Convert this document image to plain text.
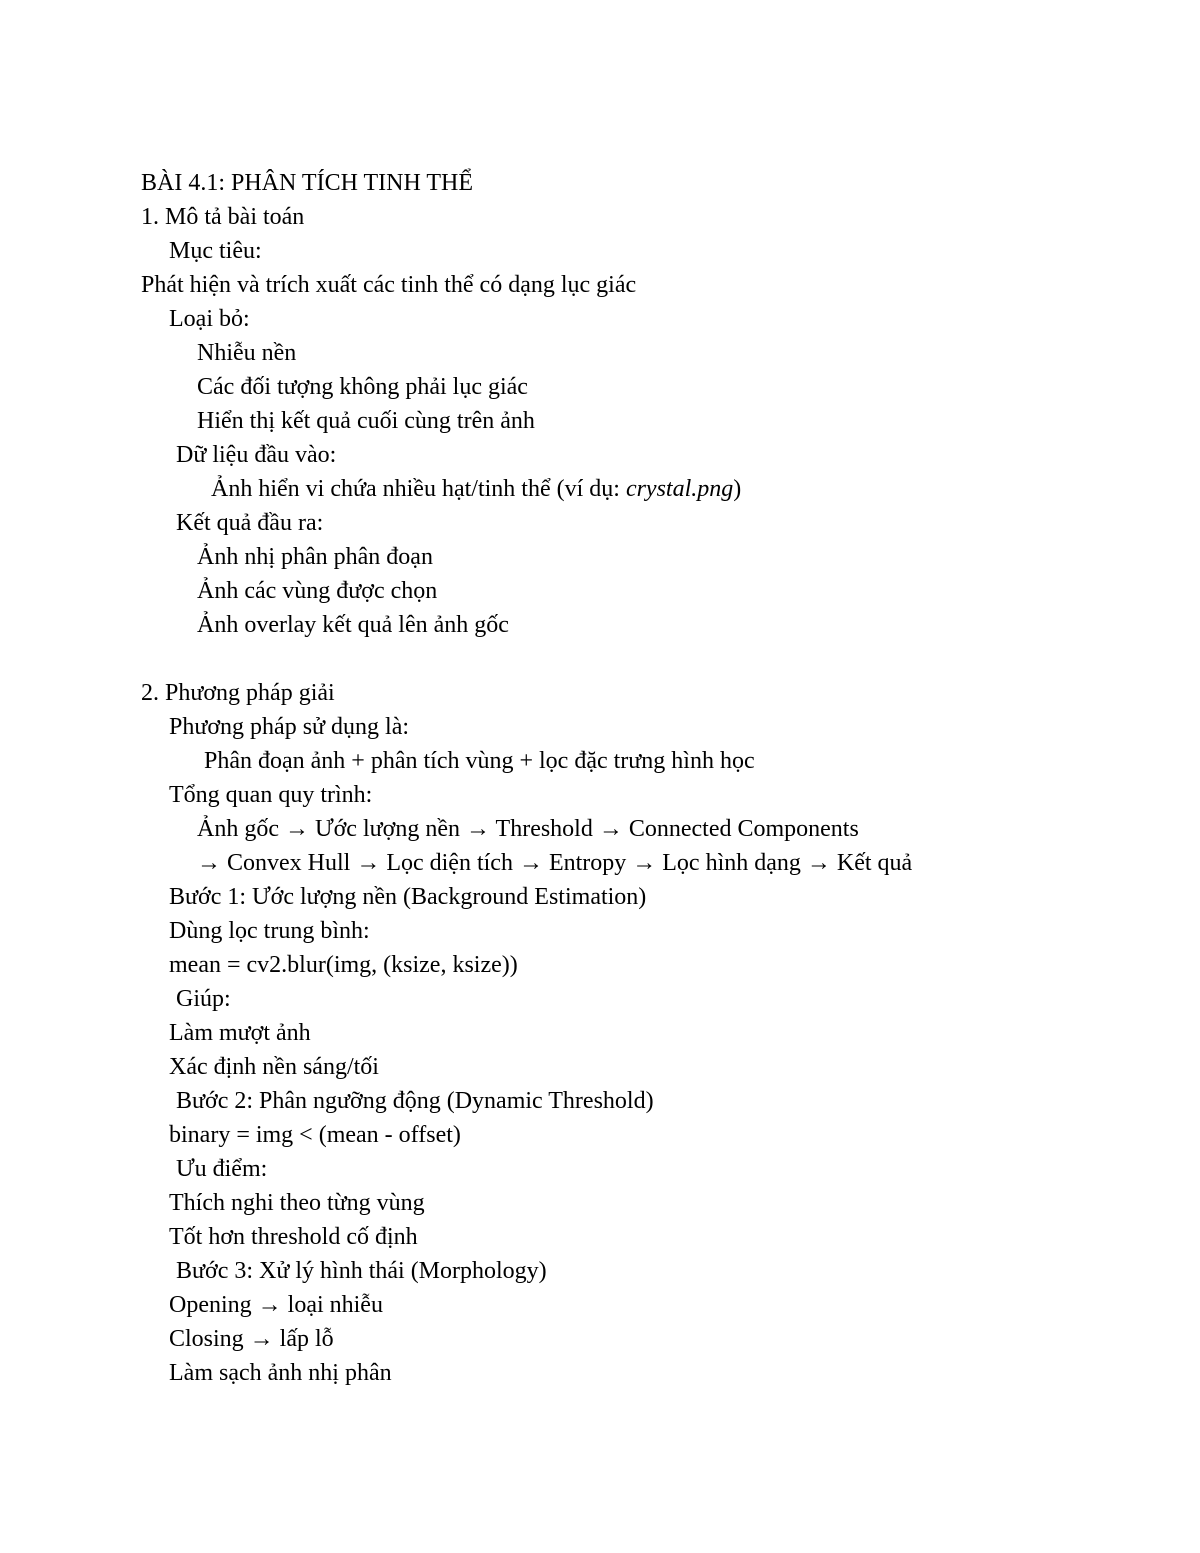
BÀI 4.1: PHÂN TÍCH TINH THỂ
1. Mô tả bài toán
Mục tiêu:
Phát hiện và trích xuất các tinh thể có dạng lục giác
Loại bỏ:
Nhiễu nền
Các đối tượng không phải lục giác
Hiển thị kết quả cuối cùng trên ảnh
Dữ liệu đầu vào:
Ảnh hiển vi chứa nhiều hạt/tinh thể (ví dụ: crystal.png)
Kết quả đầu ra:
Ảnh nhị phân phân đoạn
Ảnh các vùng được chọn
Ảnh overlay kết quả lên ảnh gốc
2. Phương pháp giải
Phương pháp sử dụng là:
Phân đoạn ảnh + phân tích vùng + lọc đặc trưng hình học
Tổng quan quy trình:
Ảnh gốc → Ước lượng nền → Threshold → Connected Components
→ Convex Hull → Lọc diện tích → Entropy → Lọc hình dạng → Kết quả
Bước 1: Ước lượng nền (Background Estimation)
Dùng lọc trung bình:
mean = cv2.blur(img, (ksize, ksize))
Giúp:
Làm mượt ảnh
Xác định nền sáng/tối
Bước 2: Phân ngưỡng động (Dynamic Threshold)
binary = img < (mean - offset)
Ưu điểm:
Thích nghi theo từng vùng
Tốt hơn threshold cố định
Bước 3: Xử lý hình thái (Morphology)
Opening → loại nhiễu
Closing → lấp lỗ
Làm sạch ảnh nhị phân
